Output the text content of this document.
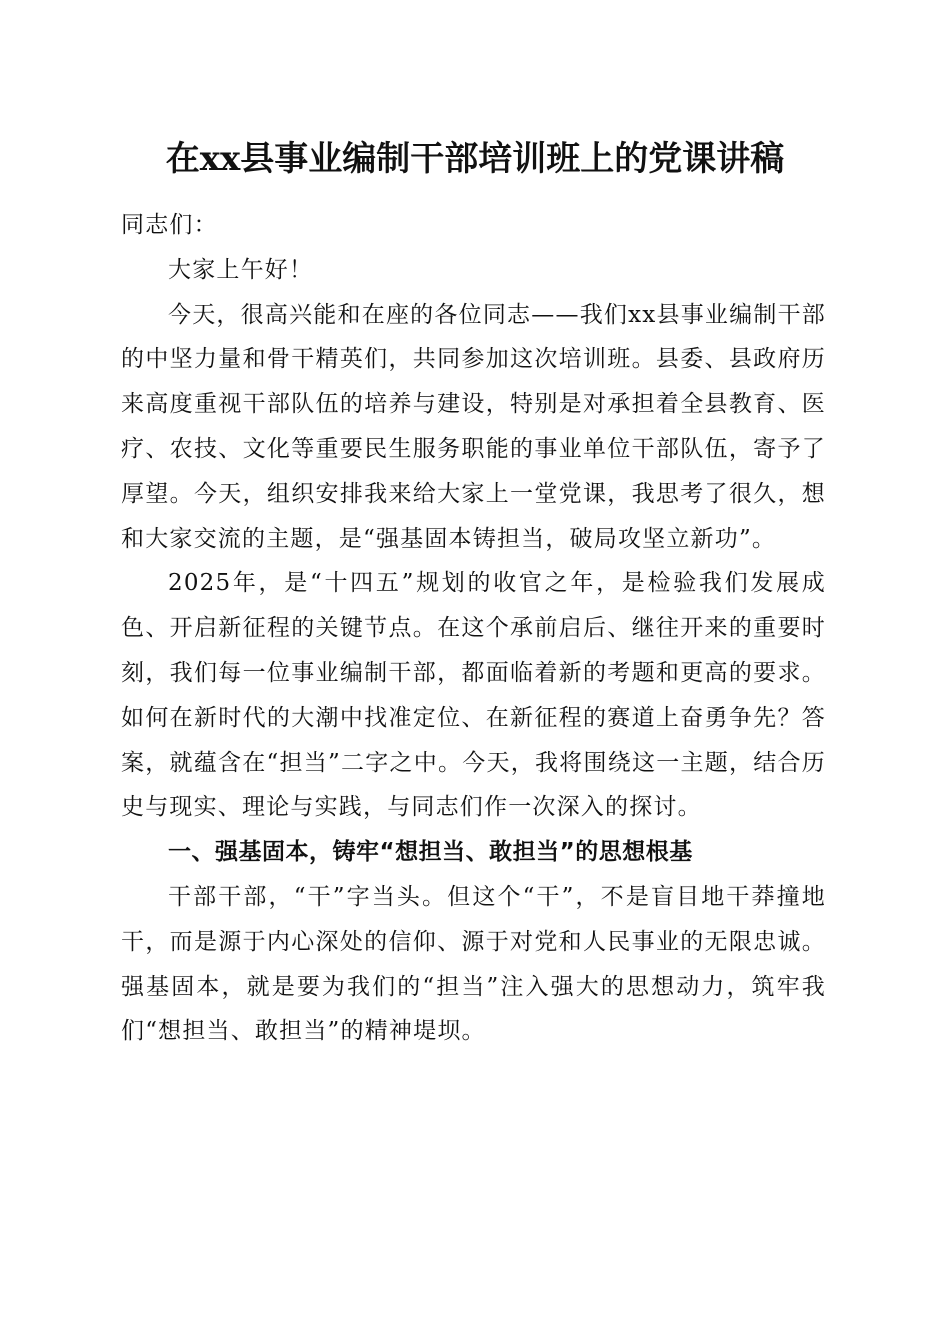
在xx县事业编制干部培训班上的党课讲稿

同志们：

大家上午好！

今天，很高兴能和在座的各位同志——我们xx县事业编制干部的中坚力量和骨干精英们，共同参加这次培训班。县委、县政府历来高度重视干部队伍的培养与建设，特别是对承担着全县教育、医疗、农技、文化等重要民生服务职能的事业单位干部队伍，寄予了厚望。今天，组织安排我来给大家上一堂党课，我思考了很久，想和大家交流的主题，是“强基固本铸担当，破局攻坚立新功”。

2025年，是“十四五”规划的收官之年，是检验我们发展成色、开启新征程的关键节点。在这个承前启后、继往开来的重要时刻，我们每一位事业编制干部，都面临着新的考题和更高的要求。如何在新时代的大潮中找准定位、在新征程的赛道上奋勇争先？答案，就蕴含在“担当”二字之中。今天，我将围绕这一主题，结合历史与现实、理论与实践，与同志们作一次深入的探讨。

一、强基固本，铸牢“想担当、敢担当”的思想根基

干部干部，“干”字当头。但这个“干”，不是盲目地干莽撞地干，而是源于内心深处的信仰、源于对党和人民事业的无限忠诚。强基固本，就是要为我们的“担当”注入强大的思想动力，筑牢我们“想担当、敢担当”的精神堤坝。
